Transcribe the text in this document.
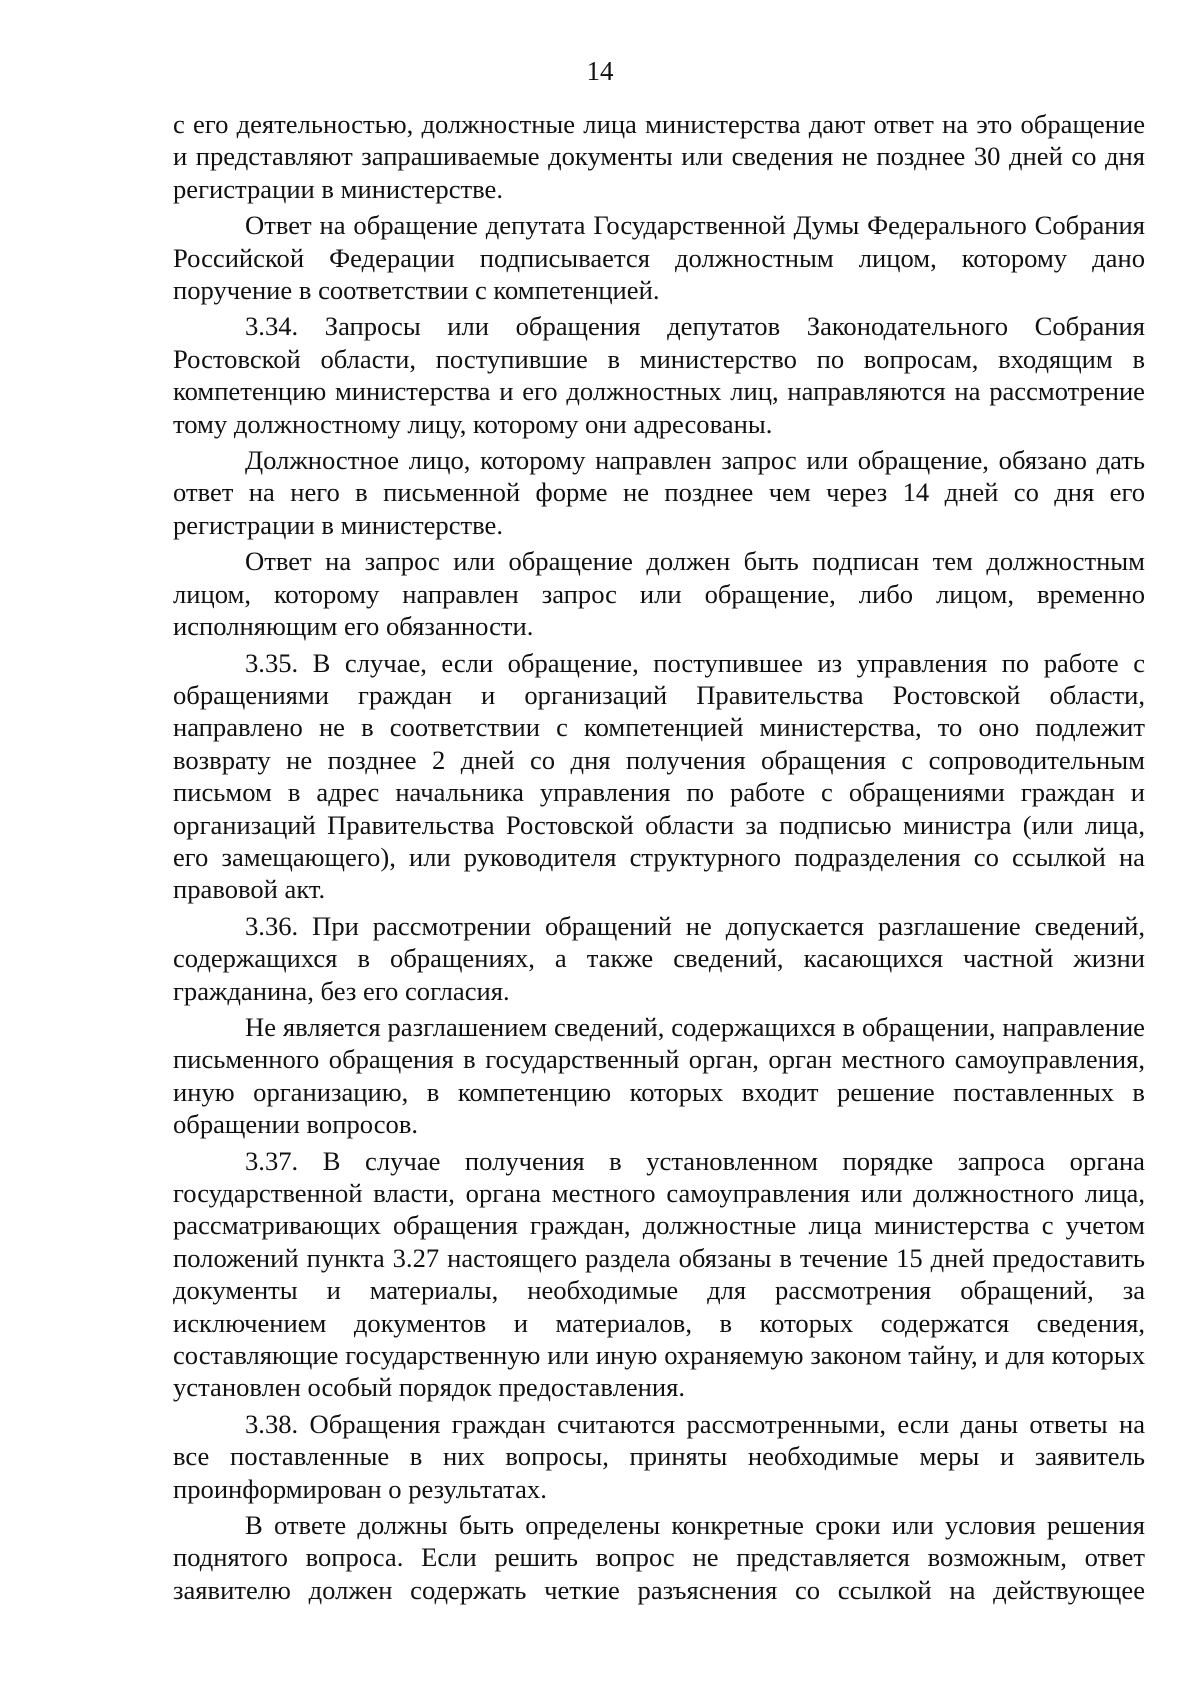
14

с его деятельностью, должностные лица министерства дают ответ на это обращение и представляют запрашиваемые документы или сведения не позднее 30 дней со дня регистрации в министерстве.

Ответ на обращение депутата Государственной Думы Федерального Собрания Российской Федерации подписывается должностным лицом, которому дано поручение в соответствии с компетенцией.

3.34. Запросы или обращения депутатов Законодательного Собрания Ростовской области, поступившие в министерство по вопросам, входящим в компетенцию министерства и его должностных лиц, направляются на рассмотрение тому должностному лицу, которому они адресованы.

Должностное лицо, которому направлен запрос или обращение, обязано дать ответ на него в письменной форме не позднее чем через 14 дней со дня его регистрации в министерстве.

Ответ на запрос или обращение должен быть подписан тем должностным лицом, которому направлен запрос или обращение, либо лицом, временно исполняющим его обязанности.

3.35. В случае, если обращение, поступившее из управления по работе с обращениями граждан и организаций Правительства Ростовской области, направлено не в соответствии с компетенцией министерства, то оно подлежит возврату не позднее 2 дней со дня получения обращения с сопроводительным письмом в адрес начальника управления по работе с обращениями граждан и организаций Правительства Ростовской области за подписью министра (или лица, его замещающего), или руководителя структурного подразделения со ссылкой на правовой акт.

3.36. При рассмотрении обращений не допускается разглашение сведений, содержащихся в обращениях, а также сведений, касающихся частной жизни гражданина, без его согласия.

Не является разглашением сведений, содержащихся в обращении, направление письменного обращения в государственный орган, орган местного самоуправления, иную организацию, в компетенцию которых входит решение поставленных в обращении вопросов.

3.37. В случае получения в установленном порядке запроса органа государственной власти, органа местного самоуправления или должностного лица, рассматривающих обращения граждан, должностные лица министерства с учетом положений пункта 3.27 настоящего раздела обязаны в течение 15 дней предоставить документы и материалы, необходимые для рассмотрения обращений, за исключением документов и материалов, в которых содержатся сведения, составляющие государственную или иную охраняемую законом тайну, и для которых установлен особый порядок предоставления.

3.38. Обращения граждан считаются рассмотренными, если даны ответы на все поставленные в них вопросы, приняты необходимые меры и заявитель проинформирован о результатах.

В ответе должны быть определены конкретные сроки или условия решения поднятого вопроса. Если решить вопрос не представляется возможным, ответ заявителю должен содержать четкие разъяснения со ссылкой на действующее
